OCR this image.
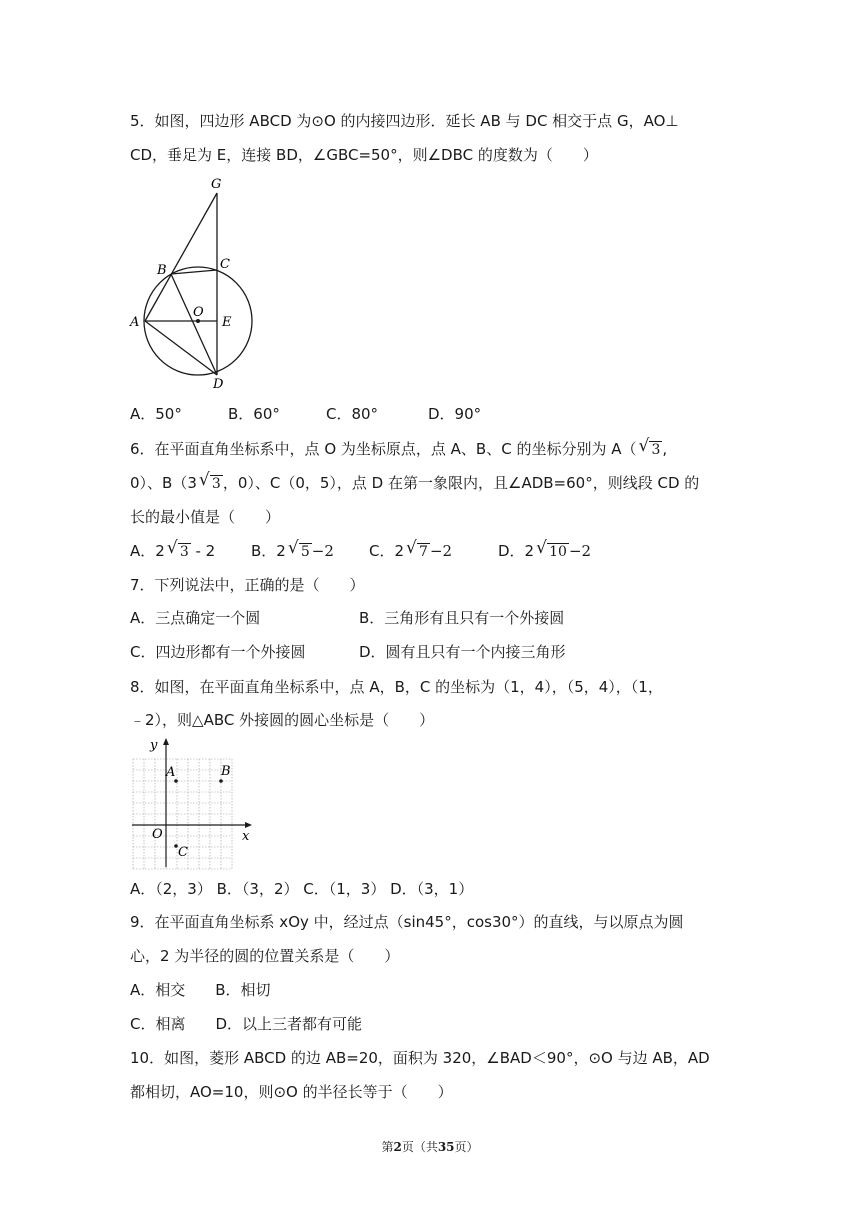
5．如图，四边形 ABCD 为⊙O 的内接四边形．延长 AB 与 DC 相交于点 G，AO⊥
CD，垂足为 E，连接 BD，∠GBC=50°，则∠DBC 的度数为（　　）
G
B	C
O
A	E
D
A．50°	B．60°	C．80°	D．90°
6．在平面直角坐标系中，点 O 为坐标原点，点 A、B、C 的坐标分别为 A（ √ 3 ,
0）、B（3 √ 3 ，0）、C（0，5），点 D 在第一象限内，且∠ADB=60°，则线段 CD 的
长的最小值是（　　）
A．2 √ 3 - 2 B．2 √ 5 −2 C．2 √ 7 −2	D．2 √ 10 −2
7．下列说法中，正确的是（　　）
A．三点确定一个圆	B．三角形有且只有一个外接圆
C．四边形都有一个外接圆	D．圆有且只有一个内接三角形
8．如图，在平面直角坐标系中，点 A，B，C 的坐标为（1，4），（5，4），（1，
﹣2），则△ABC 外接圆的圆心坐标是（　　）
y
x
O
A	B
C
A．（2，3） B．（3，2） C．（1，3） D．（3，1）
9．在平面直角坐标系 xOy 中，经过点（sin45°，cos30°）的直线，与以原点为圆
心，2 为半径的圆的位置关系是（　　）
A．相交　　B．相切
C．相离　　D．以上三者都有可能
10．如图，菱形 ABCD 的边 AB=20，面积为 320，∠BAD＜90°，⊙O 与边 AB，AD
都相切，AO=10，则⊙O 的半径长等于（　　）
第2页（共35页）
